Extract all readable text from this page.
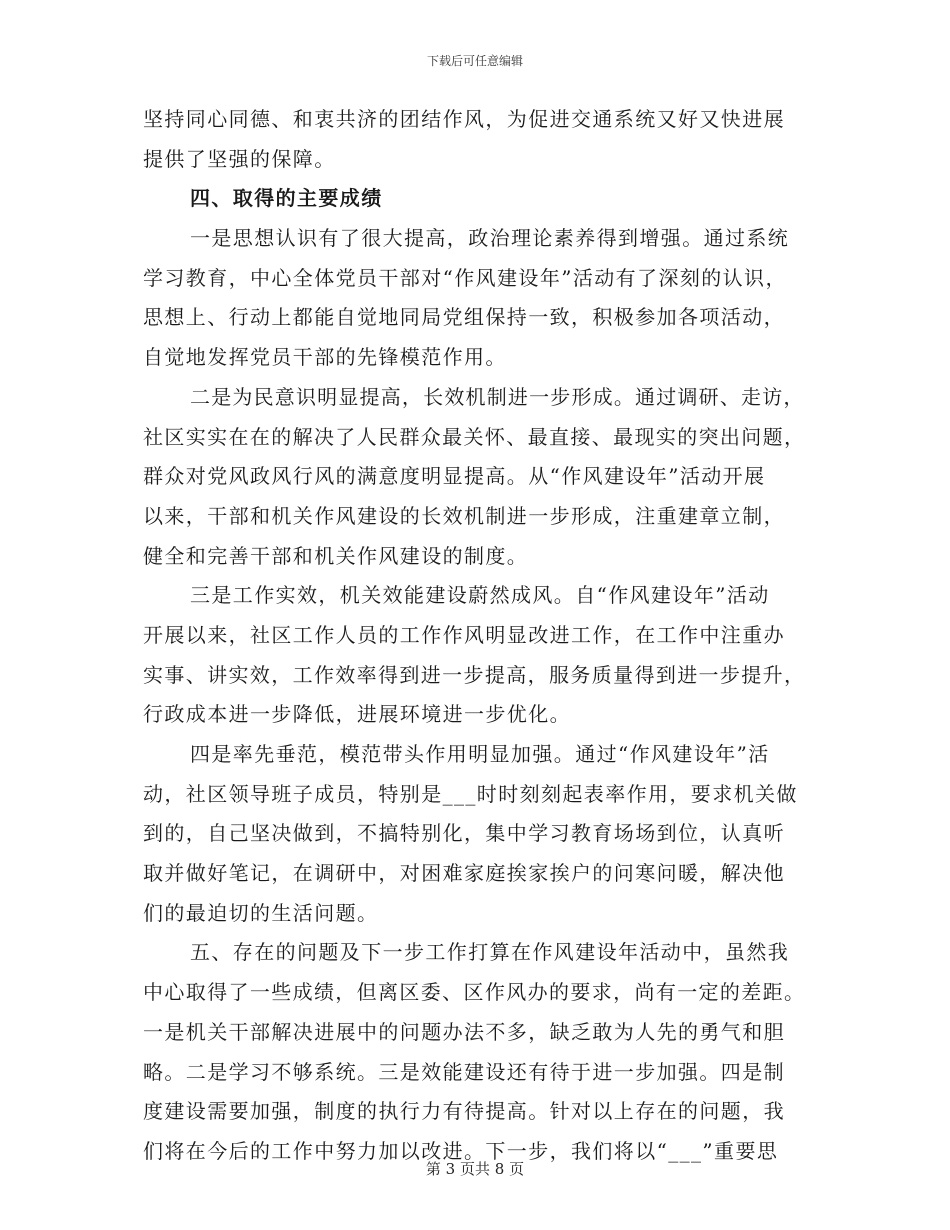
下载后可任意编辑
坚持同心同德、和衷共济的团结作风，为促进交通系统又好又快进展
提供了坚强的保障。
四、取得的主要成绩
一是思想认识有了很大提高，政治理论素养得到增强。通过系统
学习教育，中心全体党员干部对“作风建设年”活动有了深刻的认识，
思想上、行动上都能自觉地同局党组保持一致，积极参加各项活动，
自觉地发挥党员干部的先锋模范作用。
二是为民意识明显提高，长效机制进一步形成。通过调研、走访，
社区实实在在的解决了人民群众最关怀、最直接、最现实的突出问题，
群众对党风政风行风的满意度明显提高。从“作风建设年”活动开展
以来，干部和机关作风建设的长效机制进一步形成，注重建章立制，
健全和完善干部和机关作风建设的制度。
三是工作实效，机关效能建设蔚然成风。自“作风建设年”活动
开展以来，社区工作人员的工作作风明显改进工作，在工作中注重办
实事、讲实效，工作效率得到进一步提高，服务质量得到进一步提升，
行政成本进一步降低，进展环境进一步优化。
四是率先垂范，模范带头作用明显加强。通过“作风建设年”活
动，社区领导班子成员，特别是___时时刻刻起表率作用，要求机关做
到的，自己坚决做到，不搞特别化，集中学习教育场场到位，认真听
取并做好笔记，在调研中，对困难家庭挨家挨户的问寒问暖，解决他
们的最迫切的生活问题。
五、存在的问题及下一步工作打算在作风建设年活动中，虽然我
中心取得了一些成绩，但离区委、区作风办的要求，尚有一定的差距。
一是机关干部解决进展中的问题办法不多，缺乏敢为人先的勇气和胆
略。二是学习不够系统。三是效能建设还有待于进一步加强。四是制
度建设需要加强，制度的执行力有待提高。针对以上存在的问题，我
们将在今后的工作中努力加以改进。下一步，我们将以“___”重要思
第 3 页共 8 页
